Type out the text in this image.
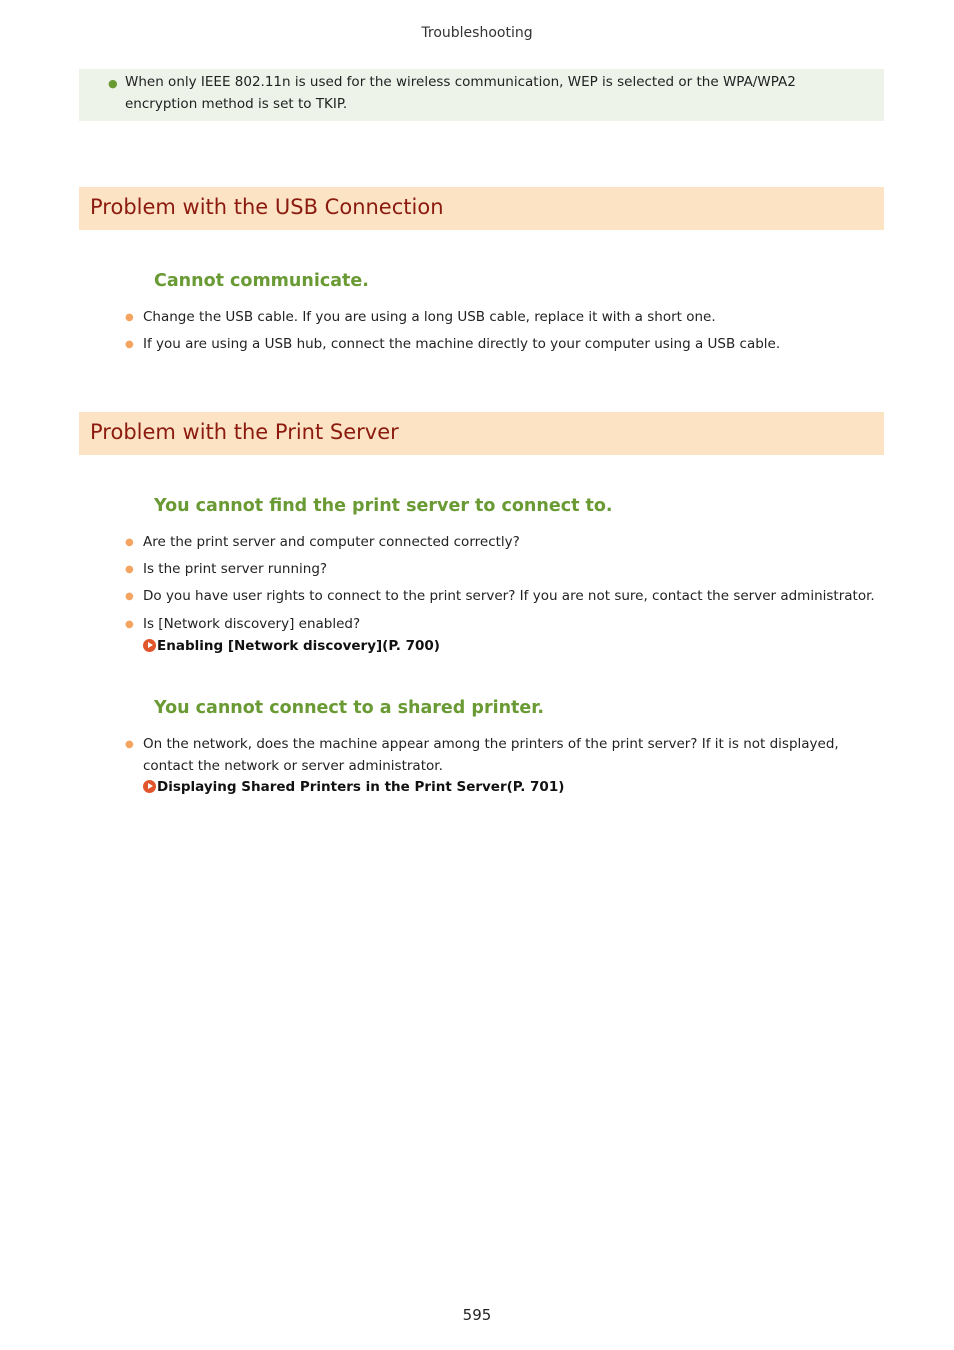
Troubleshooting
● When only IEEE 802.11n is used for the wireless communication, WEP is selected or the WPA/WPA2 encryption method is set to TKIP.
Problem with the USB Connection
Cannot communicate.
● Change the USB cable. If you are using a long USB cable, replace it with a short one.
● If you are using a USB hub, connect the machine directly to your computer using a USB cable.
Problem with the Print Server
You cannot find the print server to connect to.
● Are the print server and computer connected correctly?
● Is the print server running?
● Do you have user rights to connect to the print server? If you are not sure, contact the server administrator.
● Is [Network discovery] enabled?
Enabling [Network discovery](P. 700)
You cannot connect to a shared printer.
● On the network, does the machine appear among the printers of the print server? If it is not displayed, contact the network or server administrator.
Displaying Shared Printers in the Print Server(P. 701)
595
